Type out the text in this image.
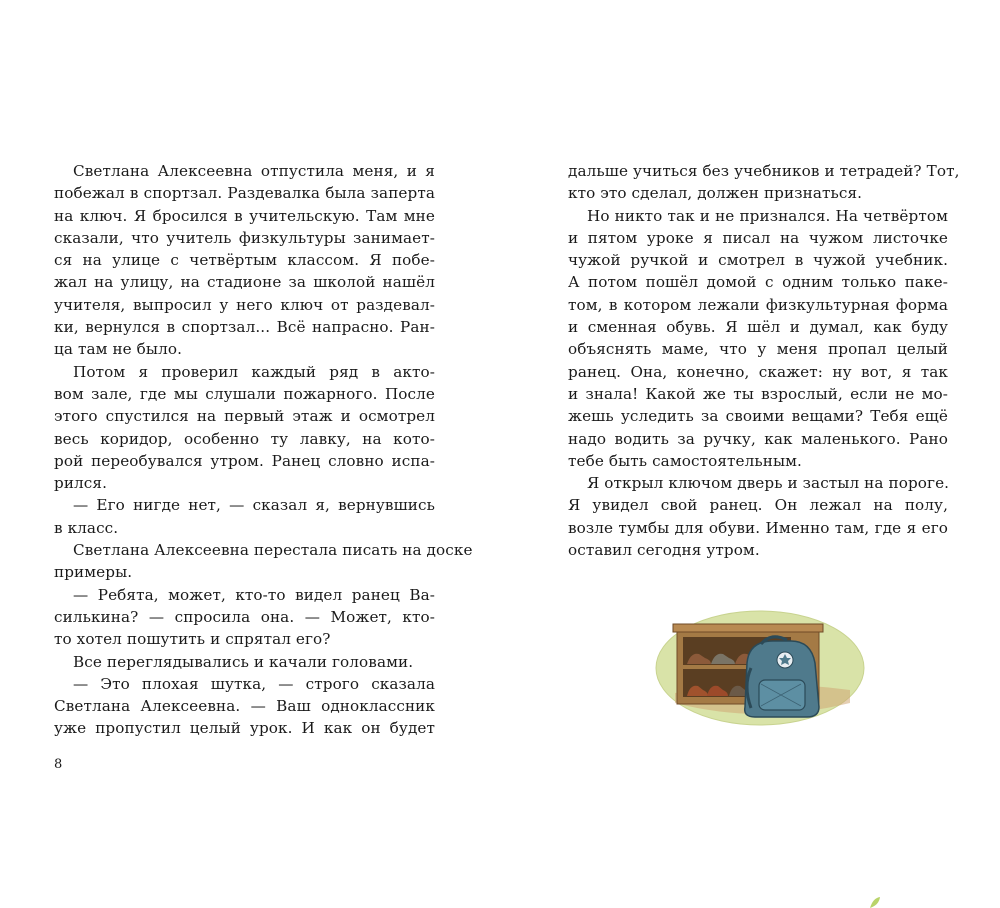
Светлана Алексеевна отпустила меня, и я
побежал в спортзал. Раздевалка была заперта
на ключ. Я бросился в учительскую. Там мне
сказали, что учитель физкультуры занимает-
ся на улице с четвёртым классом. Я побе-
жал на улицу, на стадионе за школой нашёл
учителя, выпросил у него ключ от раздевал-
ки, вернулся в спортзал... Всё напрасно. Ран-
ца там не было.
Потом я проверил каждый ряд в акто-
вом зале, где мы слушали пожарного. После
этого спустился на первый этаж и осмотрел
весь коридор, особенно ту лавку, на кото-
рой переобувался утром. Ранец словно испа-
рился.
— Его нигде нет, — сказал я, вернувшись
в класс.
Светлана Алексеевна перестала писать на доске
примеры.
— Ребята, может, кто-то видел ранец Ва-
силькина? — спросила она. — Может, кто-
то хотел пошутить и спрятал его?
Все переглядывались и качали головами.
— Это плохая шутка, — строго сказала
Светлана Алексеевна. — Ваш одноклассник
уже пропустил целый урок. И как он будет
8
дальше учиться без учебников и тетрадей? Тот,
кто это сделал, должен признаться.
Но никто так и не признался. На четвёртом
и пятом уроке я писал на чужом листочке
чужой ручкой и смотрел в чужой учебник.
А потом пошёл домой с одним только паке-
том, в котором лежали физкультурная форма
и сменная обувь. Я шёл и думал, как буду
объяснять маме, что у меня пропал целый
ранец. Она, конечно, скажет: ну вот, я так
и знала! Какой же ты взрослый, если не мо-
жешь уследить за своими вещами? Тебя ещё
надо водить за ручку, как маленького. Рано
тебе быть самостоятельным.
Я открыл ключом дверь и застыл на пороге.
Я увидел свой ранец. Он лежал на полу,
возле тумбы для обуви. Именно там, где я его
оставил сегодня утром.
